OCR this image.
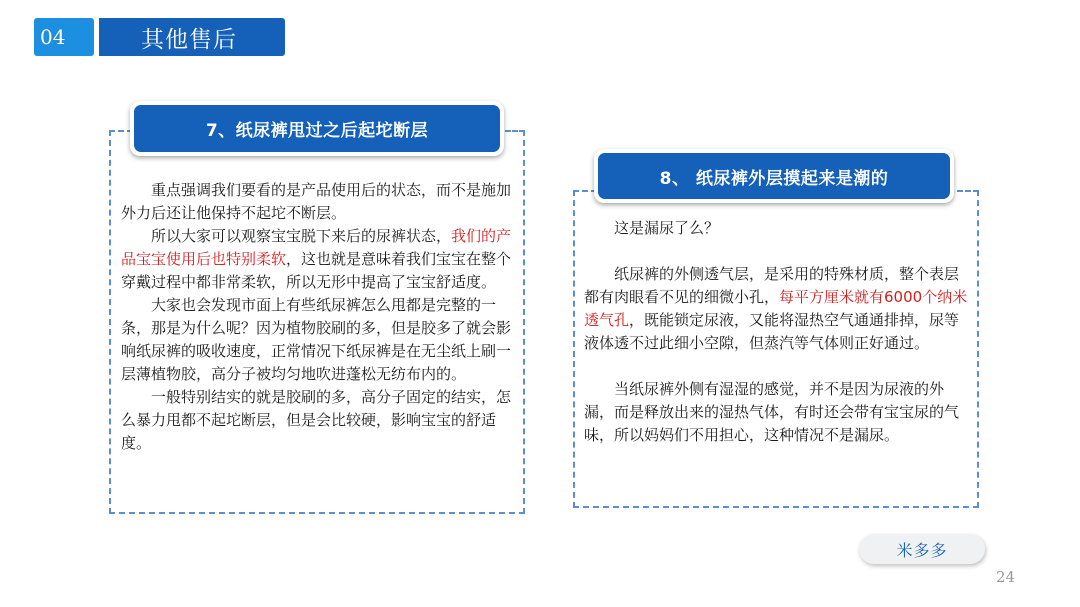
04	其他售后
7、纸尿裤甩过之后起坨断层

重点强调我们要看的是产品使用后的状态，而不是施加外力后还让他保持不起坨不断层。

所以大家可以观察宝宝脱下来后的尿裤状态，我们的产品宝宝使用后也特别柔软，这也就是意味着我们宝宝在整个穿戴过程中都非常柔软，所以无形中提高了宝宝舒适度。

大家也会发现市面上有些纸尿裤怎么甩都是完整的一条，那是为什么呢？因为植物胶刷的多，但是胶多了就会影响纸尿裤的吸收速度，正常情况下纸尿裤是在无尘纸上刷一层薄植物胶，高分子被均匀地吹进蓬松无纺布内的。

一般特别结实的就是胶刷的多，高分子固定的结实，怎么暴力甩都不起坨断层，但是会比较硬，影响宝宝的舒适度。

8、 纸尿裤外层摸起来是潮的

这是漏尿了么？

纸尿裤的外侧透气层，是采用的特殊材质，整个表层都有肉眼看不见的细微小孔，每平方厘米就有6000个纳米透气孔，既能锁定尿液，又能将湿热空气通通排掉，尿等液体透不过此细小空隙，但蒸汽等气体则正好通过。

当纸尿裤外侧有湿湿的感觉，并不是因为尿液的外漏，而是释放出来的湿热气体，有时还会带有宝宝尿的气味，所以妈妈们不用担心，这种情况不是漏尿。

米多多
24
